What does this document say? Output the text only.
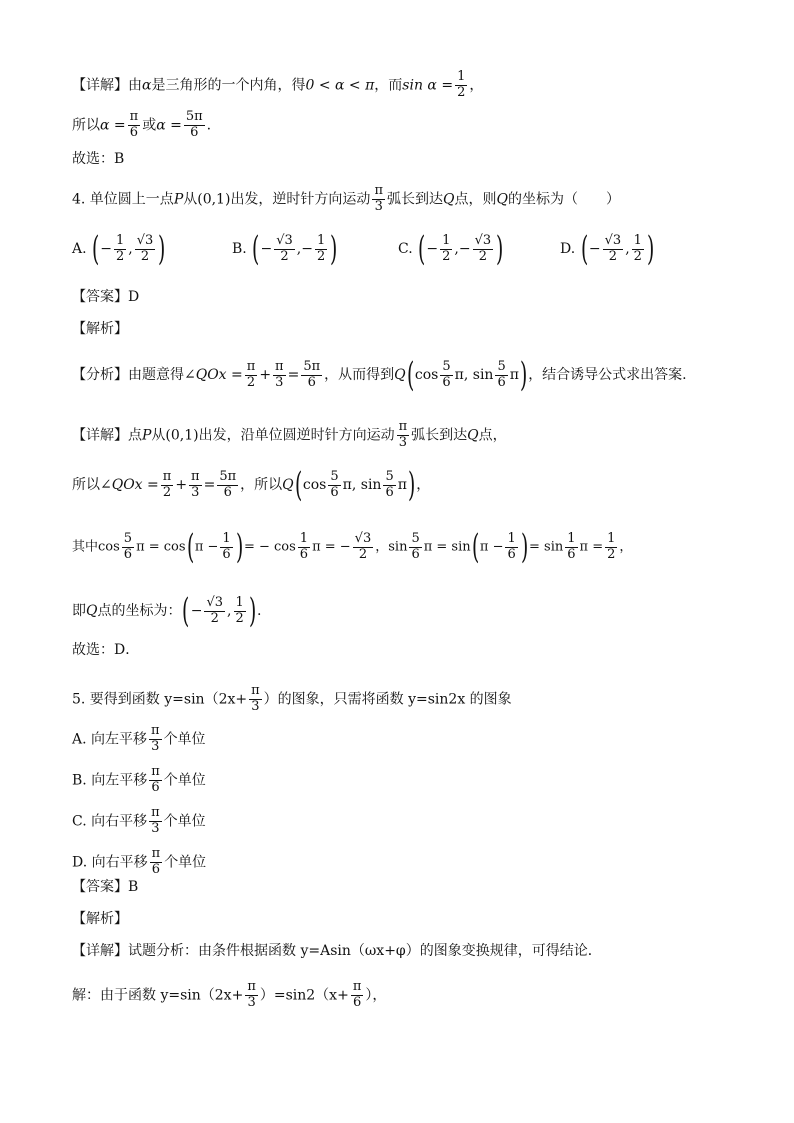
【详解】由α是三角形的一个内角，得0 < α < π，而$\sin \alpha = \frac{1}{2}$ ，
所以$\alpha = \frac{\pi}{6}$ 或$\alpha = \frac{5\pi}{6}$ .
故选：B
4. 单位圆上一点P从(0,1)出发，逆时针方向运动 $\frac{\pi}{3}$ 弧长到达Q点，则Q的坐标为（　　）
A. (− $\frac{1}{2}$ , $\frac{√3}{2}$ )	B. (− $\frac{√3}{2}$ ,− $\frac{1}{2}$ )	C. (− $\frac{1}{2}$ ,− $\frac{√3}{2}$ )	D. (− $\frac{√3}{2}$ , $\frac{1}{2}$ )
【答案】D
【解析】
【分析】由题意得∠QOx = $\frac{\pi}{2} + \frac{\pi}{3} = \frac{5\pi}{6}$ ，从而得到$Q(\cos \frac{5}{6} \pi$, $\sin \frac{5}{6} \pi$)，结合诱导公式求出答案.
【详解】点P从(0,1)出发，沿单位圆逆时针方向运动 $\frac{\pi}{3}$ 弧长到达Q点，
所以∠QOx = $\frac{\pi}{2} + \frac{\pi}{3} = \frac{5\pi}{6}$ ，所以$Q(\cos \frac{5}{6} \pi$, $\sin \frac{5}{6} \pi$)，
其中$\cos \frac{5}{6}$ $\pi = \cos(\pi - \frac{1}{6}$ )= − $\cos \frac{1}{6}$ π = − $\frac{√3}{2}$ ，$\sin \frac{5}{6}$ $\pi = \sin(\pi - \frac{1}{6}$ )= $\sin \frac{1}{6}$ $\pi = \frac{1}{2}$ ，
即Q点的坐标为：(− $\frac{√3}{2}$ , $\frac{1}{2}$ ).
故选：D．
5. 要得到函数 $y=\sin(2x+ \frac{\pi}{3}$ ）的图象，只需将函数 y=sin2x 的图象
A. 向左平移 $\frac{\pi}{3}$ 个单位
B. 向左平移 $\frac{\pi}{6}$ 个单位
C. 向右平移 $\frac{\pi}{3}$ 个单位
D. 向右平移 $\frac{\pi}{6}$ 个单位
【答案】B
【解析】
【详解】试题分析：由条件根据函数 y=Asin（ωx+φ）的图象变换规律，可得结论．
解：由于函数 $y=\sin(2x+ \frac{\pi}{3} )=\sin 2(x+ \frac{\pi}{6}$ ），
